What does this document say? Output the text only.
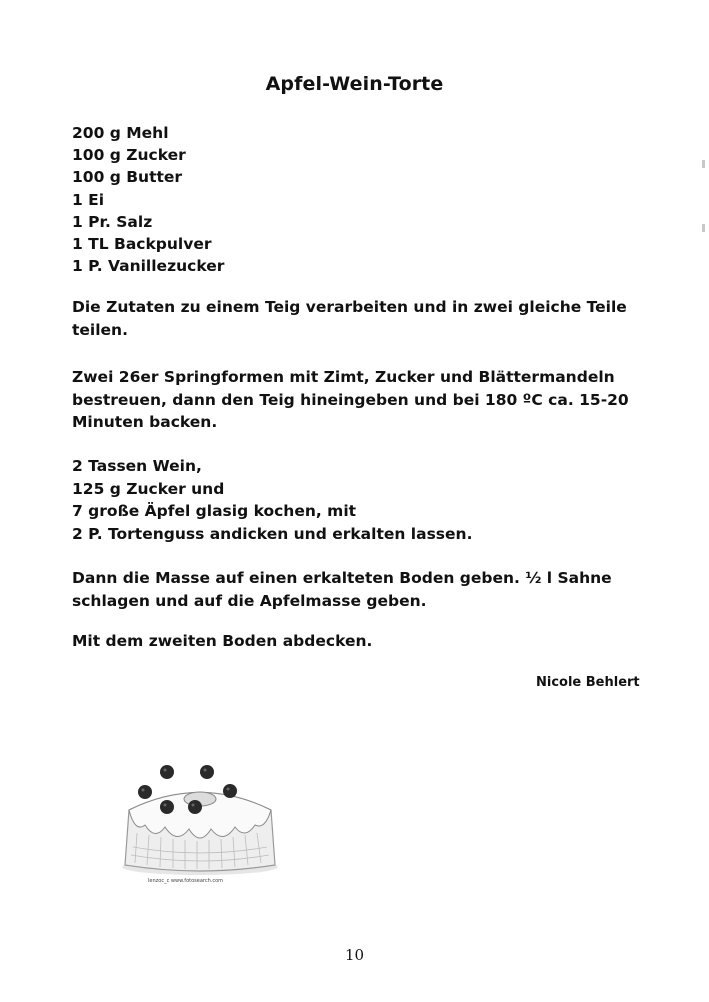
Apfel-Wein-Torte
200 g Mehl
100 g Zucker
100 g Butter
1 Ei
1 Pr. Salz
1 TL Backpulver
1 P. Vanillezucker

Die Zutaten zu einem Teig verarbeiten und in zwei gleiche Teile teilen.

Zwei 26er Springformen mit Zimt, Zucker und Blättermandeln bestreuen, dann den Teig hineingeben und bei 180 ºC ca. 15-20 Minuten backen.

2 Tassen Wein,
125 g Zucker und
7 große Äpfel glasig kochen, mit
2 P. Tortenguss andicken und erkalten lassen.

Dann die Masse auf einen erkalteten Boden geben. ½ l Sahne schlagen und auf die Apfelmasse geben.

Mit dem zweiten Boden abdecken.

Nicole Behlert
lenzoc_c www.fotosearch.com
10
